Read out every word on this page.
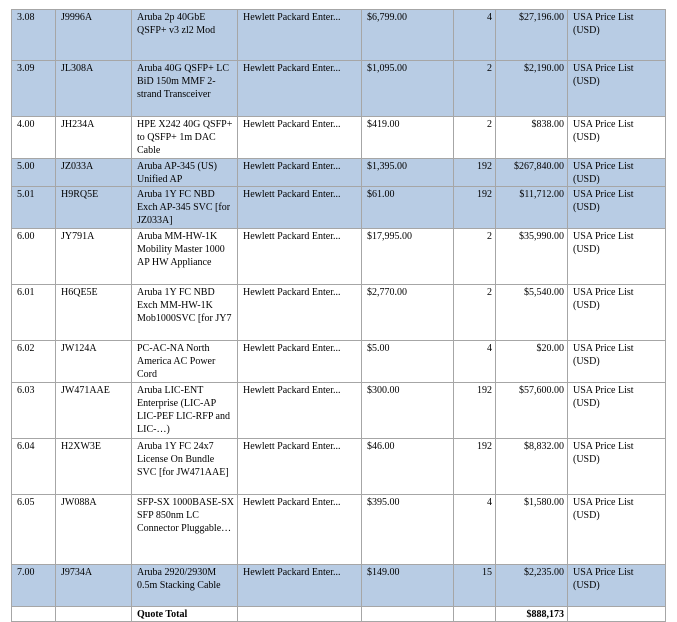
3.08	J9996A	Aruba 2p 40GbE QSFP+ v3 zl2 Mod	Hewlett Packard Enter...	$6,799.00	4	$27,196.00	USA Price List (USD)
3.09	JL308A	Aruba 40G QSFP+ LC BiD 150m MMF 2-strand Transceiver	Hewlett Packard Enter...	$1,095.00	2	$2,190.00	USA Price List (USD)
4.00	JH234A	HPE X242 40G QSFP+ to QSFP+ 1m DAC Cable	Hewlett Packard Enter...	$419.00	2	$838.00	USA Price List (USD)
5.00	JZ033A	Aruba AP-345 (US) Unified AP	Hewlett Packard Enter...	$1,395.00	192	$267,840.00	USA Price List (USD)
5.01	H9RQ5E	Aruba 1Y FC NBD Exch AP-345 SVC [for JZ033A]	Hewlett Packard Enter...	$61.00	192	$11,712.00	USA Price List (USD)
6.00	JY791A	Aruba MM-HW-1K Mobility Master 1000 AP HW Appliance	Hewlett Packard Enter...	$17,995.00	2	$35,990.00	USA Price List (USD)
6.01	H6QE5E	Aruba 1Y FC NBD Exch MM-HW-1K Mob1000SVC [for JY7	Hewlett Packard Enter...	$2,770.00	2	$5,540.00	USA Price List (USD)
6.02	JW124A	PC-AC-NA North America AC Power Cord	Hewlett Packard Enter...	$5.00	4	$20.00	USA Price List (USD)
6.03	JW471AAE	Aruba LIC-ENT Enterprise (LIC-AP LIC-PEF LIC-RFP and LIC-…)	Hewlett Packard Enter...	$300.00	192	$57,600.00	USA Price List (USD)
6.04	H2XW3E	Aruba 1Y FC 24x7 License On Bundle SVC [for JW471AAE]	Hewlett Packard Enter...	$46.00	192	$8,832.00	USA Price List (USD)
6.05	JW088A	SFP-SX 1000BASE-SX SFP 850nm LC Connector Pluggable…	Hewlett Packard Enter...	$395.00	4	$1,580.00	USA Price List (USD)
7.00	J9734A	Aruba 2920/2930M 0.5m Stacking Cable	Hewlett Packard Enter...	$149.00	15	$2,235.00	USA Price List (USD)
		Quote Total				$888,173	
